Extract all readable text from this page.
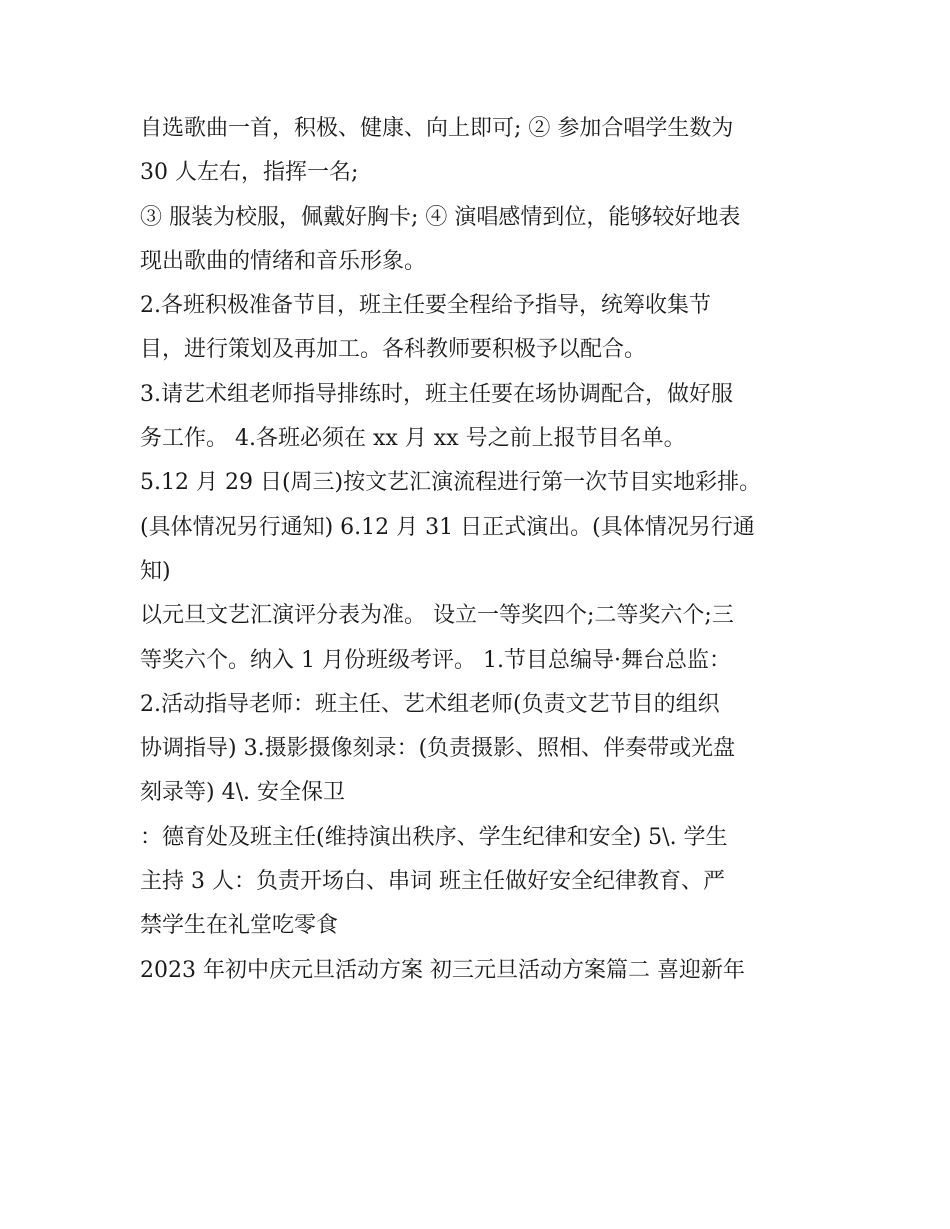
自选歌曲一首，积极、健康、向上即可; ② 参加合唱学生数为
30 人左右，指挥一名;
③ 服装为校服，佩戴好胸卡; ④ 演唱感情到位，能够较好地表
现出歌曲的情绪和音乐形象。
2.各班积极准备节目，班主任要全程给予指导，统筹收集节
目，进行策划及再加工。各科教师要积极予以配合。
3.请艺术组老师指导排练时，班主任要在场协调配合，做好服
务工作。 4.各班必须在 xx 月 xx 号之前上报节目名单。
5.12 月 29 日(周三)按文艺汇演流程进行第一次节目实地彩排。
(具体情况另行通知) 6.12 月 31 日正式演出。(具体情况另行通
知)
以元旦文艺汇演评分表为准。 设立一等奖四个;二等奖六个;三
等奖六个。纳入 1 月份班级考评。 1.节目总编导·舞台总监：
2.活动指导老师：班主任、艺术组老师(负责文艺节目的组织
协调指导) 3.摄影摄像刻录：(负责摄影、照相、伴奏带或光盘
刻录等) 4\. 安全保卫
：德育处及班主任(维持演出秩序、学生纪律和安全) 5\. 学生
主持 3 人：负责开场白、串词 班主任做好安全纪律教育、严
禁学生在礼堂吃零食
2023 年初中庆元旦活动方案 初三元旦活动方案篇二 喜迎新年
